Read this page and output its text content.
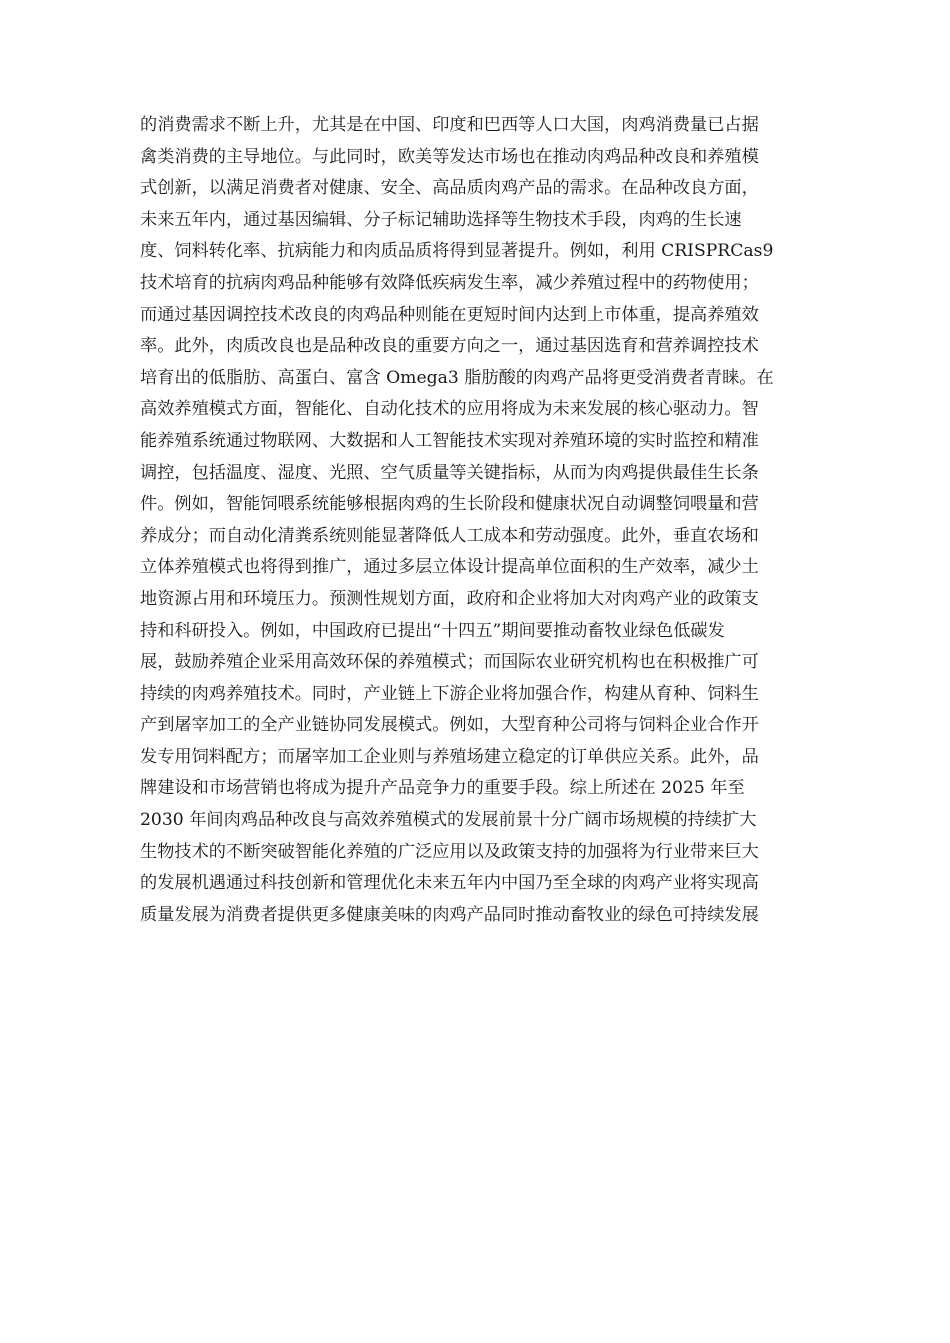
的消费需求不断上升，尤其是在中国、印度和巴西等人口大国，肉鸡消费量已占据
禽类消费的主导地位。与此同时，欧美等发达市场也在推动肉鸡品种改良和养殖模
式创新，以满足消费者对健康、安全、高品质肉鸡产品的需求。在品种改良方面，
未来五年内，通过基因编辑、分子标记辅助选择等生物技术手段，肉鸡的生长速
度、饲料转化率、抗病能力和肉质品质将得到显著提升。例如，利用 CRISPRCas9
技术培育的抗病肉鸡品种能够有效降低疾病发生率，减少养殖过程中的药物使用；
而通过基因调控技术改良的肉鸡品种则能在更短时间内达到上市体重，提高养殖效
率。此外，肉质改良也是品种改良的重要方向之一，通过基因选育和营养调控技术
培育出的低脂肪、高蛋白、富含 Omega3 脂肪酸的肉鸡产品将更受消费者青睐。在
高效养殖模式方面，智能化、自动化技术的应用将成为未来发展的核心驱动力。智
能养殖系统通过物联网、大数据和人工智能技术实现对养殖环境的实时监控和精准
调控，包括温度、湿度、光照、空气质量等关键指标，从而为肉鸡提供最佳生长条
件。例如，智能饲喂系统能够根据肉鸡的生长阶段和健康状况自动调整饲喂量和营
养成分；而自动化清粪系统则能显著降低人工成本和劳动强度。此外，垂直农场和
立体养殖模式也将得到推广，通过多层立体设计提高单位面积的生产效率，减少土
地资源占用和环境压力。预测性规划方面，政府和企业将加大对肉鸡产业的政策支
持和科研投入。例如，中国政府已提出“十四五”期间要推动畜牧业绿色低碳发
展，鼓励养殖企业采用高效环保的养殖模式；而国际农业研究机构也在积极推广可
持续的肉鸡养殖技术。同时，产业链上下游企业将加强合作，构建从育种、饲料生
产到屠宰加工的全产业链协同发展模式。例如，大型育种公司将与饲料企业合作开
发专用饲料配方；而屠宰加工企业则与养殖场建立稳定的订单供应关系。此外，品
牌建设和市场营销也将成为提升产品竞争力的重要手段。综上所述在 2025 年至
2030 年间肉鸡品种改良与高效养殖模式的发展前景十分广阔市场规模的持续扩大
生物技术的不断突破智能化养殖的广泛应用以及政策支持的加强将为行业带来巨大
的发展机遇通过科技创新和管理优化未来五年内中国乃至全球的肉鸡产业将实现高
质量发展为消费者提供更多健康美味的肉鸡产品同时推动畜牧业的绿色可持续发展
